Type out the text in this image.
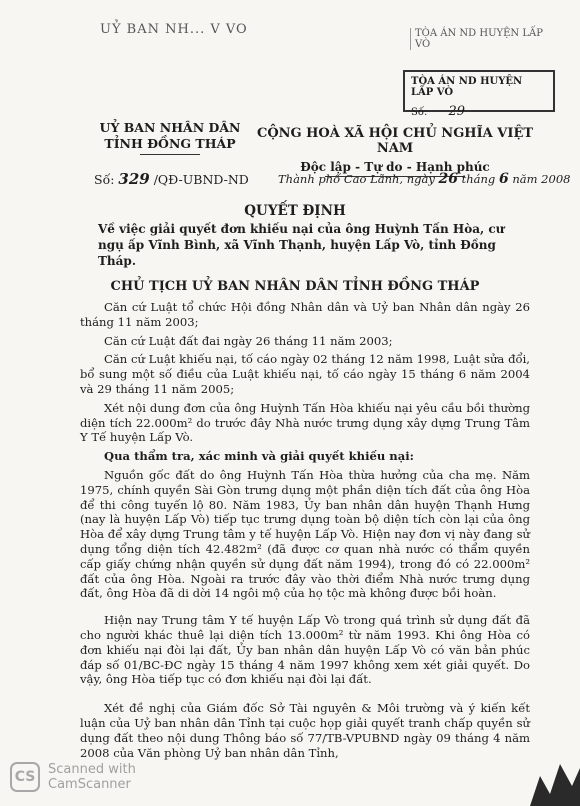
UỶ BAN NH... V VO	TÒA ÁN ND HUYỆN LẤP VÒ
TÒA ÁN ND HUYỆN LẤP VÒ
Số: 29
UỶ BAN NHÂN DÂN
TỈNH ĐỒNG THÁP
CỘNG HOÀ XÃ HỘI CHỦ NGHĨA VIỆT NAM
Độc lập - Tự do - Hạnh phúc
Số: 329 /QĐ-UBND-ND	Thành phố Cao Lãnh, ngày 26 tháng 6 năm 2008
QUYẾT ĐỊNH
Về việc giải quyết đơn khiếu nại của ông Huỳnh Tấn Hòa, cư ngụ ấp Vĩnh Bình, xã Vĩnh Thạnh, huyện Lấp Vò, tỉnh Đồng Tháp.
CHỦ TỊCH UỶ BAN NHÂN DÂN TỈNH ĐỒNG THÁP

Căn cứ Luật tổ chức Hội đồng Nhân dân và Uỷ ban Nhân dân ngày 26 tháng 11 năm 2003;

Căn cứ Luật đất đai ngày 26 tháng 11 năm 2003;

Căn cứ Luật khiếu nại, tố cáo ngày 02 tháng 12 năm 1998, Luật sửa đổi, bổ sung một số điều của Luật khiếu nại, tố cáo ngày 15 tháng 6 năm 2004 và 29 tháng 11 năm 2005;

Xét nội dung đơn của ông Huỳnh Tấn Hòa khiếu nại yêu cầu bồi thường diện tích 22.000m² do trước đây Nhà nước trưng dụng xây dựng Trung Tâm Y Tế huyện Lấp Vò.

Qua thẩm tra, xác minh và giải quyết khiếu nại:

Nguồn gốc đất do ông Huỳnh Tấn Hòa thừa hưởng của cha mẹ. Năm 1975, chính quyền Sài Gòn trưng dụng một phần diện tích đất của ông Hòa để thi công tuyến lộ 80. Năm 1983, Ủy ban nhân dân huyện Thạnh Hưng (nay là huyện Lấp Vò) tiếp tục trưng dụng toàn bộ diện tích còn lại của ông Hòa để xây dựng Trung tâm y tế huyện Lấp Vò. Hiện nay đơn vị này đang sử dụng tổng diện tích 42.482m² (đã được cơ quan nhà nước có thẩm quyền cấp giấy chứng nhận quyền sử dụng đất năm 1994), trong đó có 22.000m² đất của ông Hòa. Ngoài ra trước đây vào thời điểm Nhà nước trưng dụng đất, ông Hòa đã di dời 14 ngôi mộ của họ tộc mà không được bồi hoàn.

Hiện nay Trung tâm Y tế huyện Lấp Vò trong quá trình sử dụng đất đã cho người khác thuê lại diện tích 13.000m² từ năm 1993. Khi ông Hòa có đơn khiếu nại đòi lại đất, Ủy ban nhân dân huyện Lấp Vò có văn bản phúc đáp số 01/BC-ĐC ngày 15 tháng 4 năm 1997 không xem xét giải quyết. Do vậy, ông Hòa tiếp tục có đơn khiếu nại đòi lại đất.

Xét đề nghị của Giám đốc Sở Tài nguyên & Môi trường và ý kiến kết luận của Uỷ ban nhân dân Tỉnh tại cuộc họp giải quyết tranh chấp quyền sử dụng đất theo nội dung Thông báo số 77/TB-VPUBND ngày 09 tháng 4 năm 2008 của Văn phòng Uỷ ban nhân dân Tỉnh,

CS Scanned with
CamScanner
